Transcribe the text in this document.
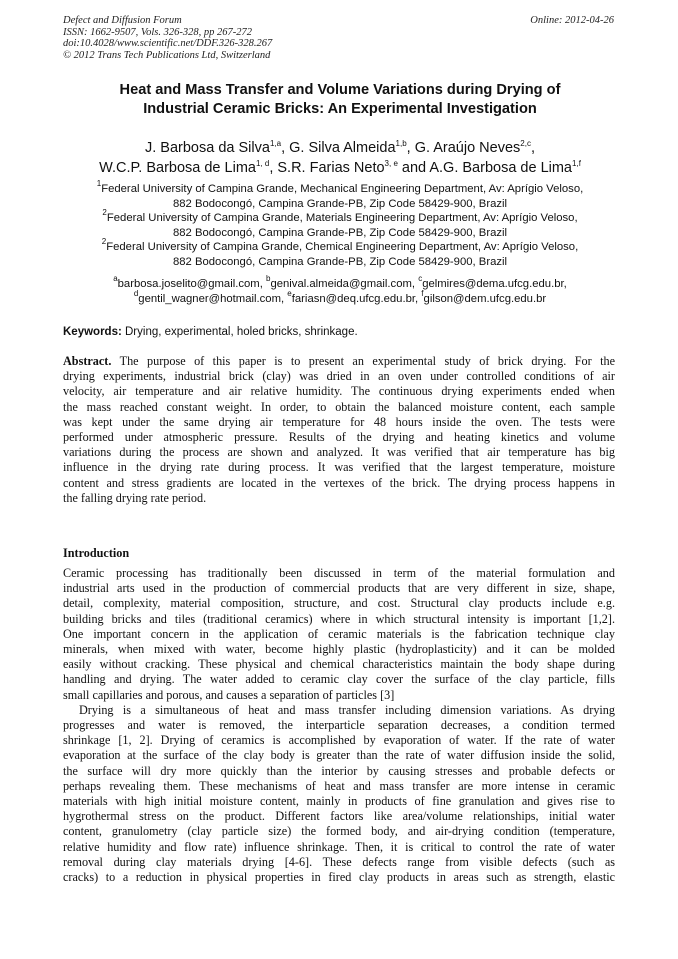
Defect and Diffusion Forum
ISSN: 1662-9507, Vols. 326-328, pp 267-272
doi:10.4028/www.scientific.net/DDF.326-328.267
© 2012 Trans Tech Publications Ltd, Switzerland
Online: 2012-04-26
Heat and Mass Transfer and Volume Variations during Drying of
Industrial Ceramic Bricks: An Experimental Investigation
J. Barbosa da Silva$^{1,a}$, G. Silva Almeida$^{1,b}$, G. Araújo Neves$^{2,c}$,
W.C.P. Barbosa de Lima$^{1, d}$, S.R. Farias Neto$^{3, e}$ and A.G. Barbosa de Lima$^{1,f}$
$^1$Federal University of Campina Grande, Mechanical Engineering Department, Av: Aprígio Veloso,
882 Bodocongó, Campina Grande-PB, Zip Code 58429-900, Brazil
$^2$Federal University of Campina Grande, Materials Engineering Department, Av: Aprígio Veloso,
882 Bodocongó, Campina Grande-PB, Zip Code 58429-900, Brazil
$^2$Federal University of Campina Grande, Chemical Engineering Department, Av: Aprígio Veloso,
882 Bodocongó, Campina Grande-PB, Zip Code 58429-900, Brazil
$^a$barbosa.joselito@gmail.com, $^b$genival.almeida@gmail.com, $^c$gelmires@dema.ufcg.edu.br,
$^d$gentil_wagner@hotmail.com, $^e$fariasn@deq.ufcg.edu.br, $^f$gilson@dem.ufcg.edu.br
Keywords: Drying, experimental, holed bricks, shrinkage.
Abstract. The purpose of this paper is to present an experimental study of brick drying. For the
drying experiments, industrial brick (clay) was dried in an oven under controlled conditions of air
velocity, air temperature and air relative humidity. The continuous drying experiments ended when
the mass reached constant weight. In order, to obtain the balanced moisture content, each sample
was kept under the same drying air temperature for 48 hours inside the oven. The tests were
performed under atmospheric pressure. Results of the drying and heating kinetics and volume
variations during the process are shown and analyzed. It was verified that air temperature has big
influence in the drying rate during process. It was verified that the largest temperature, moisture
content and stress gradients are located in the vertexes of the brick. The drying process happens in
the falling drying rate period.
Introduction
Ceramic processing has traditionally been discussed in term of the material formulation and
industrial arts used in the production of commercial products that are very different in size, shape,
detail, complexity, material composition, structure, and cost. Structural clay products include e.g.
building bricks and tiles (traditional ceramics) where in which structural intensity is important [1,2].
One important concern in the application of ceramic materials is the fabrication technique clay
minerals, when mixed with water, become highly plastic (hydroplasticity) and it can be molded
easily without cracking. These physical and chemical characteristics maintain the body shape during
handling and drying. The water added to ceramic clay cover the surface of the clay particle, fills
small capillaries and porous, and causes a separation of particles [3]
Drying is a simultaneous of heat and mass transfer including dimension variations. As drying
progresses and water is removed, the interparticle separation decreases, a condition termed
shrinkage [1, 2]. Drying of ceramics is accomplished by evaporation of water. If the rate of water
evaporation at the surface of the clay body is greater than the rate of water diffusion inside the solid,
the surface will dry more quickly than the interior by causing stresses and probable defects or
perhaps revealing them. These mechanisms of heat and mass transfer are more intense in ceramic
materials with high initial moisture content, mainly in products of fine granulation and gives rise to
hygrothermal stress on the product. Different factors like area/volume relationships, initial water
content, granulometry (clay particle size) the formed body, and air-drying condition (temperature,
relative humidity and flow rate) influence shrinkage. Then, it is critical to control the rate of water
removal during clay materials drying [4-6]. These defects range from visible defects (such as
cracks) to a reduction in physical properties in fired clay products in areas such as strength, elastic
